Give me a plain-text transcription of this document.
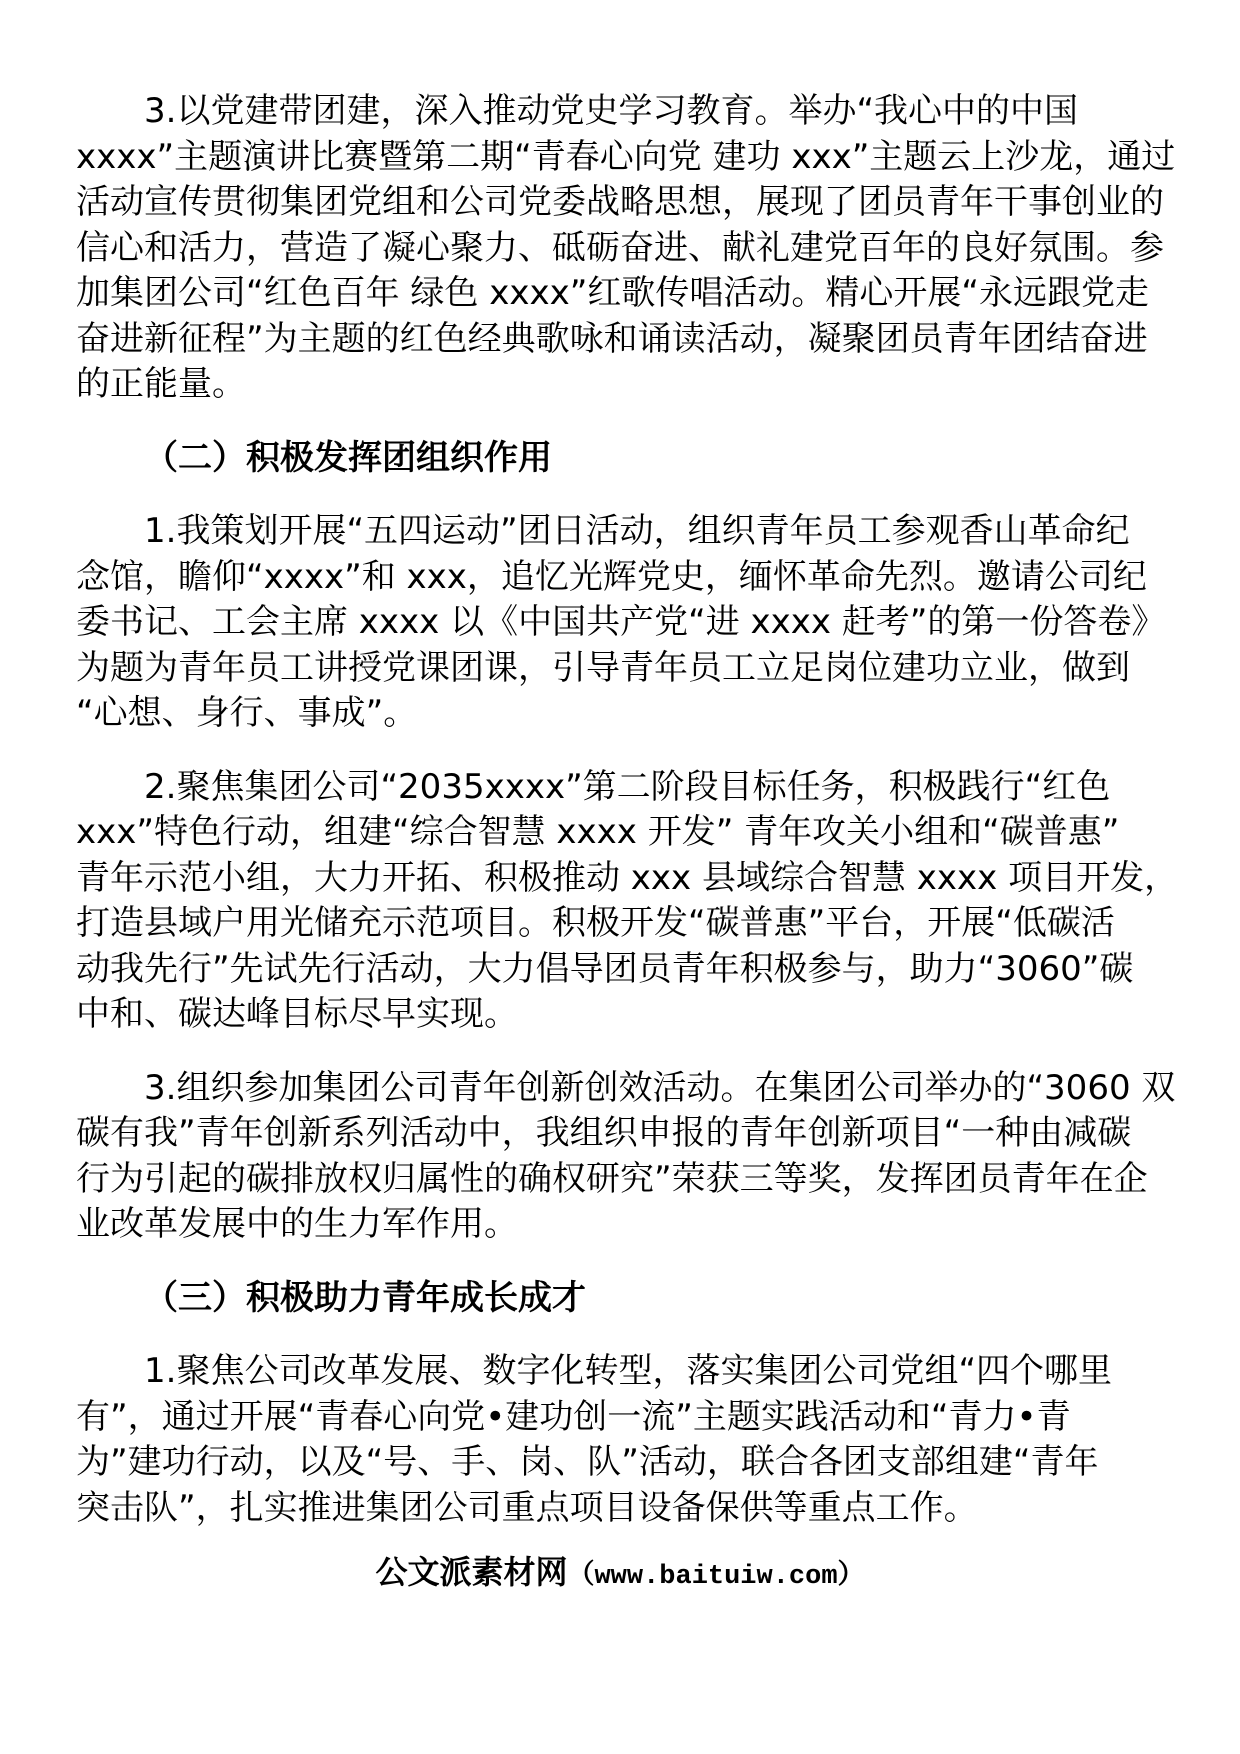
3.以党建带团建，深入推动党史学习教育。举办“我心中的中国
xxxx”主题演讲比赛暨第二期“青春心向党 建功 xxx”主题云上沙龙，通过
活动宣传贯彻集团党组和公司党委战略思想，展现了团员青年干事创业的
信心和活力，营造了凝心聚力、砥砺奋进、献礼建党百年的良好氛围。参
加集团公司“红色百年 绿色 xxxx”红歌传唱活动。精心开展“永远跟党走
奋进新征程”为主题的红色经典歌咏和诵读活动，凝聚团员青年团结奋进
的正能量。
（二）积极发挥团组织作用
1.我策划开展“五四运动”团日活动，组织青年员工参观香山革命纪
念馆，瞻仰“xxxx”和 xxx，追忆光辉党史，缅怀革命先烈。邀请公司纪
委书记、工会主席 xxxx 以《中国共产党“进 xxxx 赶考”的第一份答卷》
为题为青年员工讲授党课团课，引导青年员工立足岗位建功立业，做到
“心想、身行、事成”。
2.聚焦集团公司“2035xxxx”第二阶段目标任务，积极践行“红色
xxx”特色行动，组建“综合智慧 xxxx 开发” 青年攻关小组和“碳普惠”
青年示范小组，大力开拓、积极推动 xxx 县域综合智慧 xxxx 项目开发，
打造县域户用光储充示范项目。积极开发“碳普惠”平台，开展“低碳活
动我先行”先试先行活动，大力倡导团员青年积极参与，助力“3060”碳
中和、碳达峰目标尽早实现。
3.组织参加集团公司青年创新创效活动。在集团公司举办的“3060 双
碳有我”青年创新系列活动中，我组织申报的青年创新项目“一种由减碳
行为引起的碳排放权归属性的确权研究”荣获三等奖，发挥团员青年在企
业改革发展中的生力军作用。
（三）积极助力青年成长成才
1.聚焦公司改革发展、数字化转型，落实集团公司党组“四个哪里
有”，通过开展“青春心向党•建功创一流”主题实践活动和“青力•青
为”建功行动，以及“号、手、岗、队”活动，联合各团支部组建“青年
突击队”，扎实推进集团公司重点项目设备保供等重点工作。
公文派素材网（www.baituiw.com）
